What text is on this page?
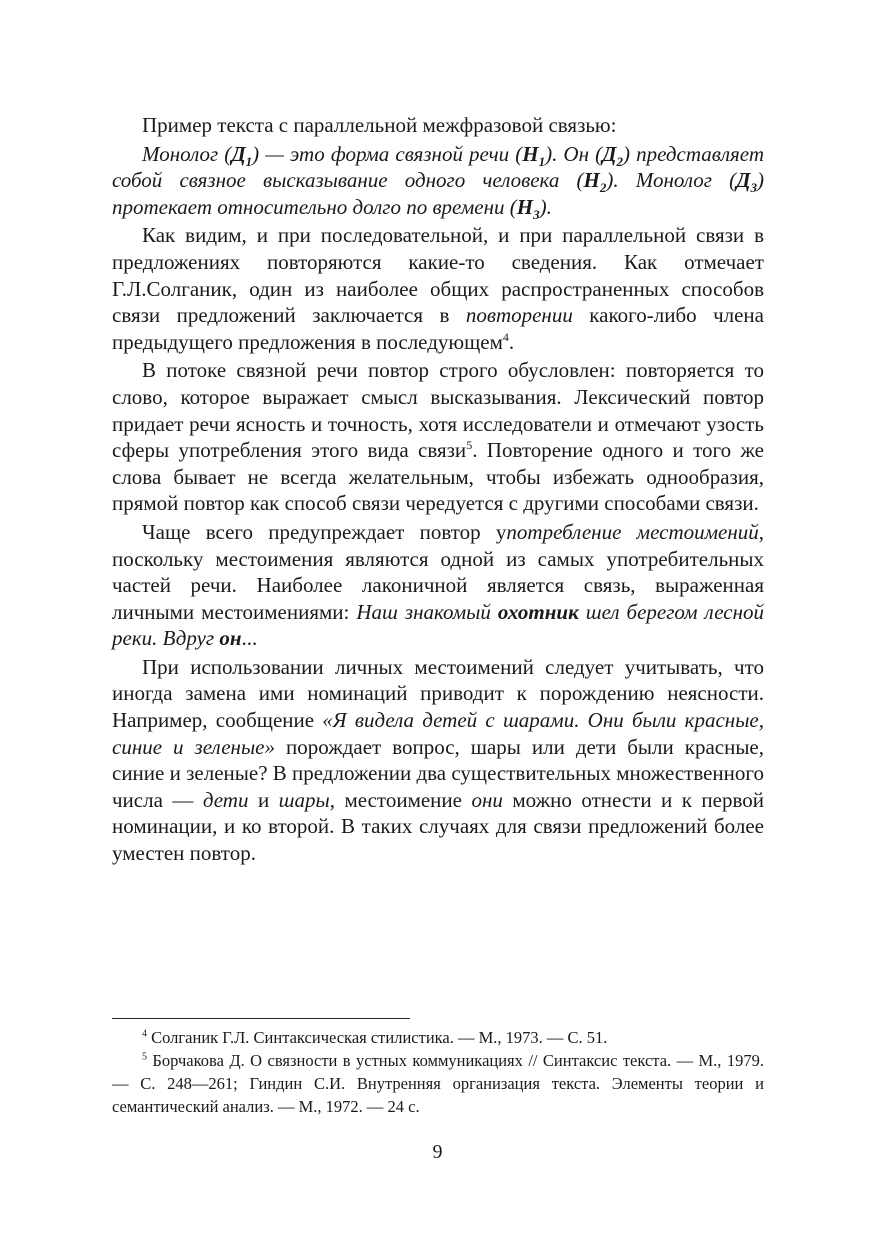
Пример текста с параллельной межфразовой связью:

Монолог $(Д_1)$ — это форма связной речи $(Н_1)$. Он $(Д_2)$ представляет собой связное высказывание одного человека $(Н_2)$. Монолог $(Д_3)$ протекает относительно долго по времени $(Н_3)$.

Как видим, и при последовательной, и при параллельной связи в предложениях повторяются какие-то сведения. Как отмечает Г.Л.Солганик, один из наиболее общих распространенных способов связи предложений заключается в повторении какого-либо члена предыдущего предложения в последующем$^4$.

В потоке связной речи повтор строго обусловлен: повторяется то слово, которое выражает смысл высказывания. Лексический повтор придает речи ясность и точность, хотя исследователи и отмечают узость сферы употребления этого вида связи$^5$. Повторение одного и того же слова бывает не всегда желательным, чтобы избежать однообразия, прямой повтор как способ связи чередуется с другими способами связи.

Чаще всего предупреждает повтор употребление местоимений, поскольку местоимения являются одной из самых употребительных частей речи. Наиболее лаконичной является связь, выраженная личными местоимениями: Наш знакомый охотник шел берегом лесной реки. Вдруг он...

При использовании личных местоимений следует учитывать, что иногда замена ими номинаций приводит к порождению неясности. Например, сообщение «Я видела детей с шарами. Они были красные, синие и зеленые» порождает вопрос, шары или дети были красные, синие и зеленые? В предложении два существительных множественного числа — дети и шары, местоимение они можно отнести и к первой номинации, и ко второй. В таких случаях для связи предложений более уместен повтор.

$^4$ Солганик Г.Л. Синтаксическая стилистика. — М., 1973. — С. 51.

$^5$ Борчакова Д. О связности в устных коммуникациях // Синтаксис текста. — М., 1979. — С. 248—261; Гиндин С.И. Внутренняя организация текста. Элементы теории и семантический анализ. — М., 1972. — 24 с.

9
